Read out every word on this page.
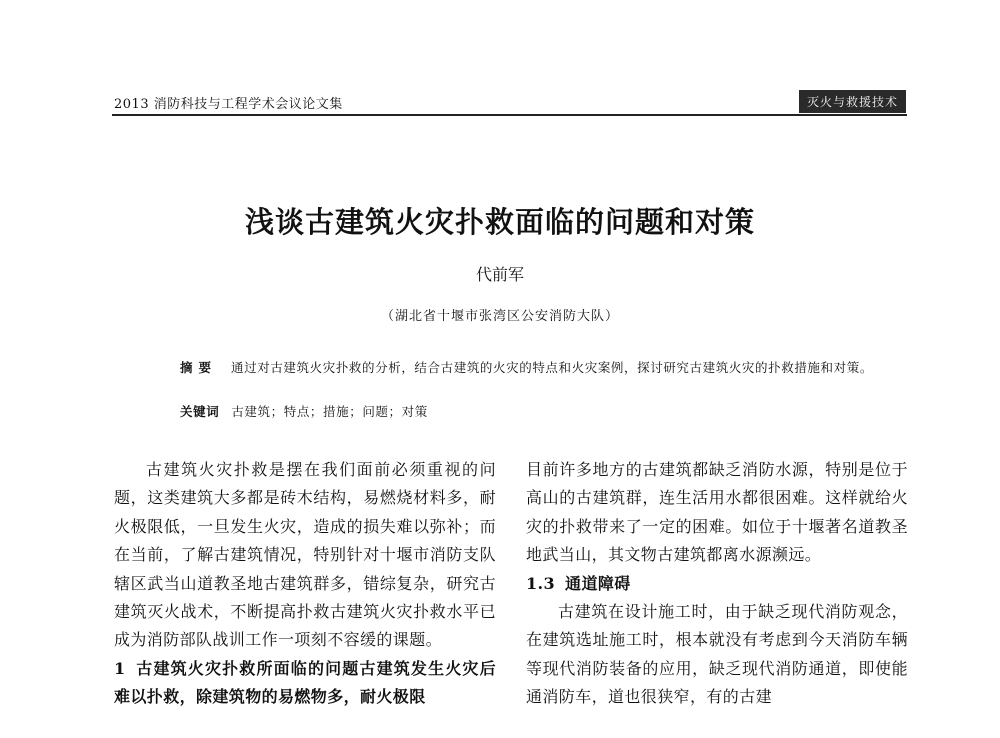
2013 消防科技与工程学术会议论文集	灭火与救援技术
浅谈古建筑火灾扑救面临的问题和对策
代前军
（湖北省十堰市张湾区公安消防大队）
摘要 通过对古建筑火灾扑救的分析，结合古建筑的火灾的特点和火灾案例，探讨研究古建筑火灾的扑救措施和对策。
关键词 古建筑；特点；措施；问题；对策

古建筑火灾扑救是摆在我们面前必须重视的问题，这类建筑大多都是砖木结构，易燃烧材料多，耐火极限低，一旦发生火灾，造成的损失难以弥补；而在当前，了解古建筑情况，特别针对十堰市消防支队辖区武当山道教圣地古建筑群多，错综复杂，研究古建筑灭火战术，不断提高扑救古建筑火灾扑救水平已成为消防部队战训工作一项刻不容缓的课题。

1 古建筑火灾扑救所面临的问题古建筑发生火灾后难以扑救，除建筑物的易燃物多，耐火极限

目前许多地方的古建筑都缺乏消防水源，特别是位于高山的古建筑群，连生活用水都很困难。这样就给火灾的扑救带来了一定的困难。如位于十堰著名道教圣地武当山，其文物古建筑都离水源濒远。

1.3 通道障碍

古建筑在设计施工时，由于缺乏现代消防观念，在建筑选址施工时，根本就没有考虑到今天消防车辆等现代消防装备的应用，缺乏现代消防通道，即使能通消防车，道也很狭窄，有的古建
